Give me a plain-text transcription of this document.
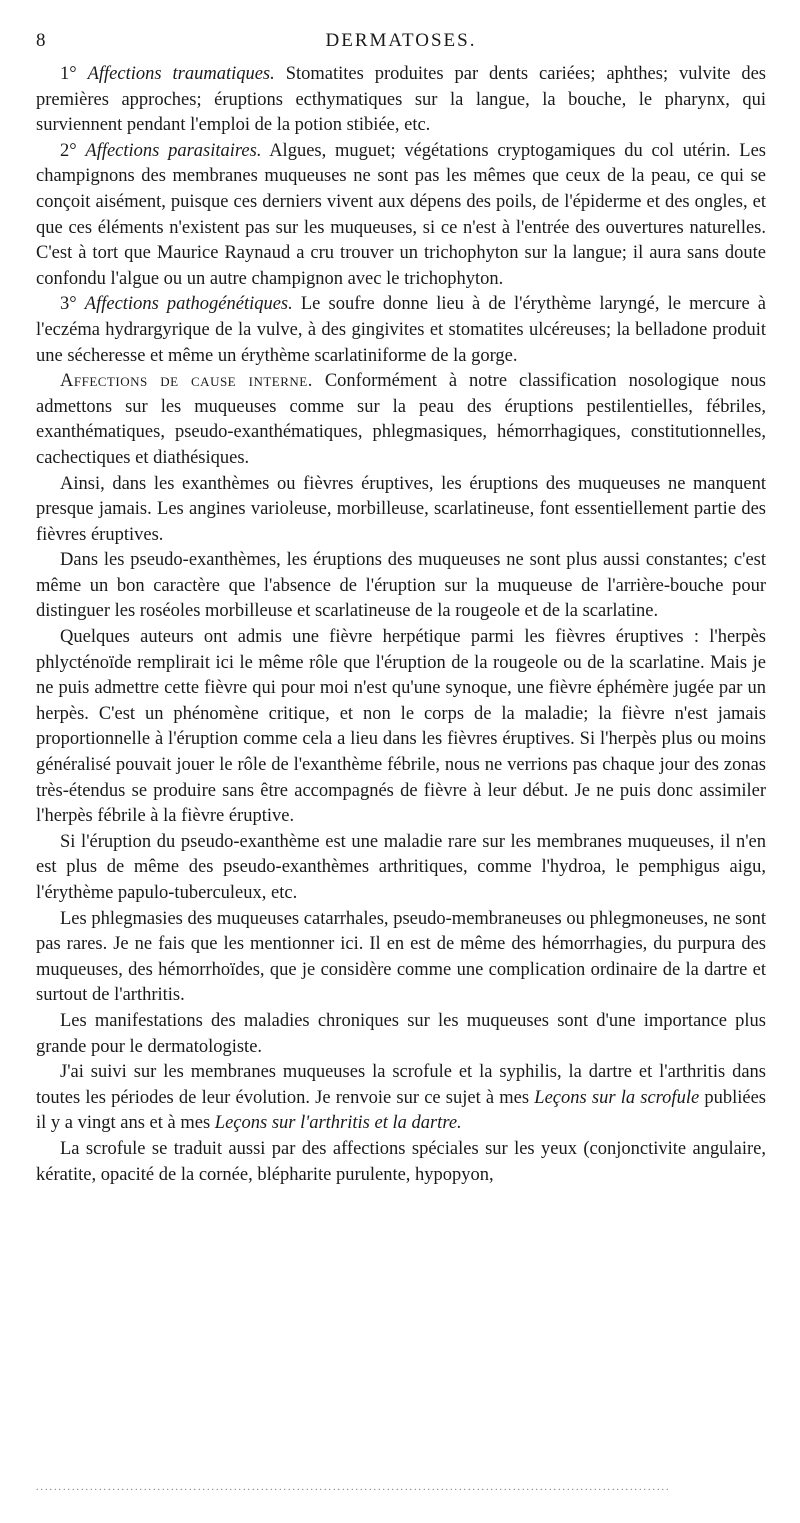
8	DERMATOSES.

1° Affections traumatiques. Stomatites produites par dents cariées; aphthes; vulvite des premières approches; éruptions ecthymatiques sur la langue, la bouche, le pharynx, qui surviennent pendant l'emploi de la potion stibiée, etc.

2° Affections parasitaires. Algues, muguet; végétations cryptogamiques du col utérin. Les champignons des membranes muqueuses ne sont pas les mêmes que ceux de la peau, ce qui se conçoit aisément, puisque ces derniers vivent aux dépens des poils, de l'épiderme et des ongles, et que ces éléments n'existent pas sur les muqueuses, si ce n'est à l'entrée des ouvertures naturelles. C'est à tort que Maurice Raynaud a cru trouver un trichophyton sur la langue; il aura sans doute confondu l'algue ou un autre champignon avec le trichophyton.

3° Affections pathogénétiques. Le soufre donne lieu à de l'érythème laryngé, le mercure à l'eczéma hydrargyrique de la vulve, à des gingivites et stomatites ulcéreuses; la belladone produit une sécheresse et même un érythème scarlatiniforme de la gorge.

Affections de cause interne. Conformément à notre classification nosologique nous admettons sur les muqueuses comme sur la peau des éruptions pestilentielles, fébriles, exanthématiques, pseudo-exanthématiques, phlegmasiques, hémorrhagiques, constitutionnelles, cachectiques et diathésiques.

Ainsi, dans les exanthèmes ou fièvres éruptives, les éruptions des muqueuses ne manquent presque jamais. Les angines varioleuse, morbilleuse, scarlatineuse, font essentiellement partie des fièvres éruptives.

Dans les pseudo-exanthèmes, les éruptions des muqueuses ne sont plus aussi constantes; c'est même un bon caractère que l'absence de l'éruption sur la muqueuse de l'arrière-bouche pour distinguer les roséoles morbilleuse et scarlatineuse de la rougeole et de la scarlatine.

Quelques auteurs ont admis une fièvre herpétique parmi les fièvres éruptives : l'herpès phlycténoïde remplirait ici le même rôle que l'éruption de la rougeole ou de la scarlatine. Mais je ne puis admettre cette fièvre qui pour moi n'est qu'une synoque, une fièvre éphémère jugée par un herpès. C'est un phénomène critique, et non le corps de la maladie; la fièvre n'est jamais proportionnelle à l'éruption comme cela a lieu dans les fièvres éruptives. Si l'herpès plus ou moins généralisé pouvait jouer le rôle de l'exanthème fébrile, nous ne verrions pas chaque jour des zonas très-étendus se produire sans être accompagnés de fièvre à leur début. Je ne puis donc assimiler l'herpès fébrile à la fièvre éruptive.

Si l'éruption du pseudo-exanthème est une maladie rare sur les membranes muqueuses, il n'en est plus de même des pseudo-exanthèmes arthritiques, comme l'hydroa, le pemphigus aigu, l'érythème papulo-tuberculeux, etc.

Les phlegmasies des muqueuses catarrhales, pseudo-membraneuses ou phlegmoneuses, ne sont pas rares. Je ne fais que les mentionner ici. Il en est de même des hémorrhagies, du purpura des muqueuses, des hémorrhoïdes, que je considère comme une complication ordinaire de la dartre et surtout de l'arthritis.

Les manifestations des maladies chroniques sur les muqueuses sont d'une importance plus grande pour le dermatologiste.

J'ai suivi sur les membranes muqueuses la scrofule et la syphilis, la dartre et l'arthritis dans toutes les périodes de leur évolution. Je renvoie sur ce sujet à mes Leçons sur la scrofule publiées il y a vingt ans et à mes Leçons sur l'arthritis et la dartre.

La scrofule se traduit aussi par des affections spéciales sur les yeux (conjonctivite angulaire, kératite, opacité de la cornée, blépharite purulente, hypopyon,

.............................................................................................................................................
